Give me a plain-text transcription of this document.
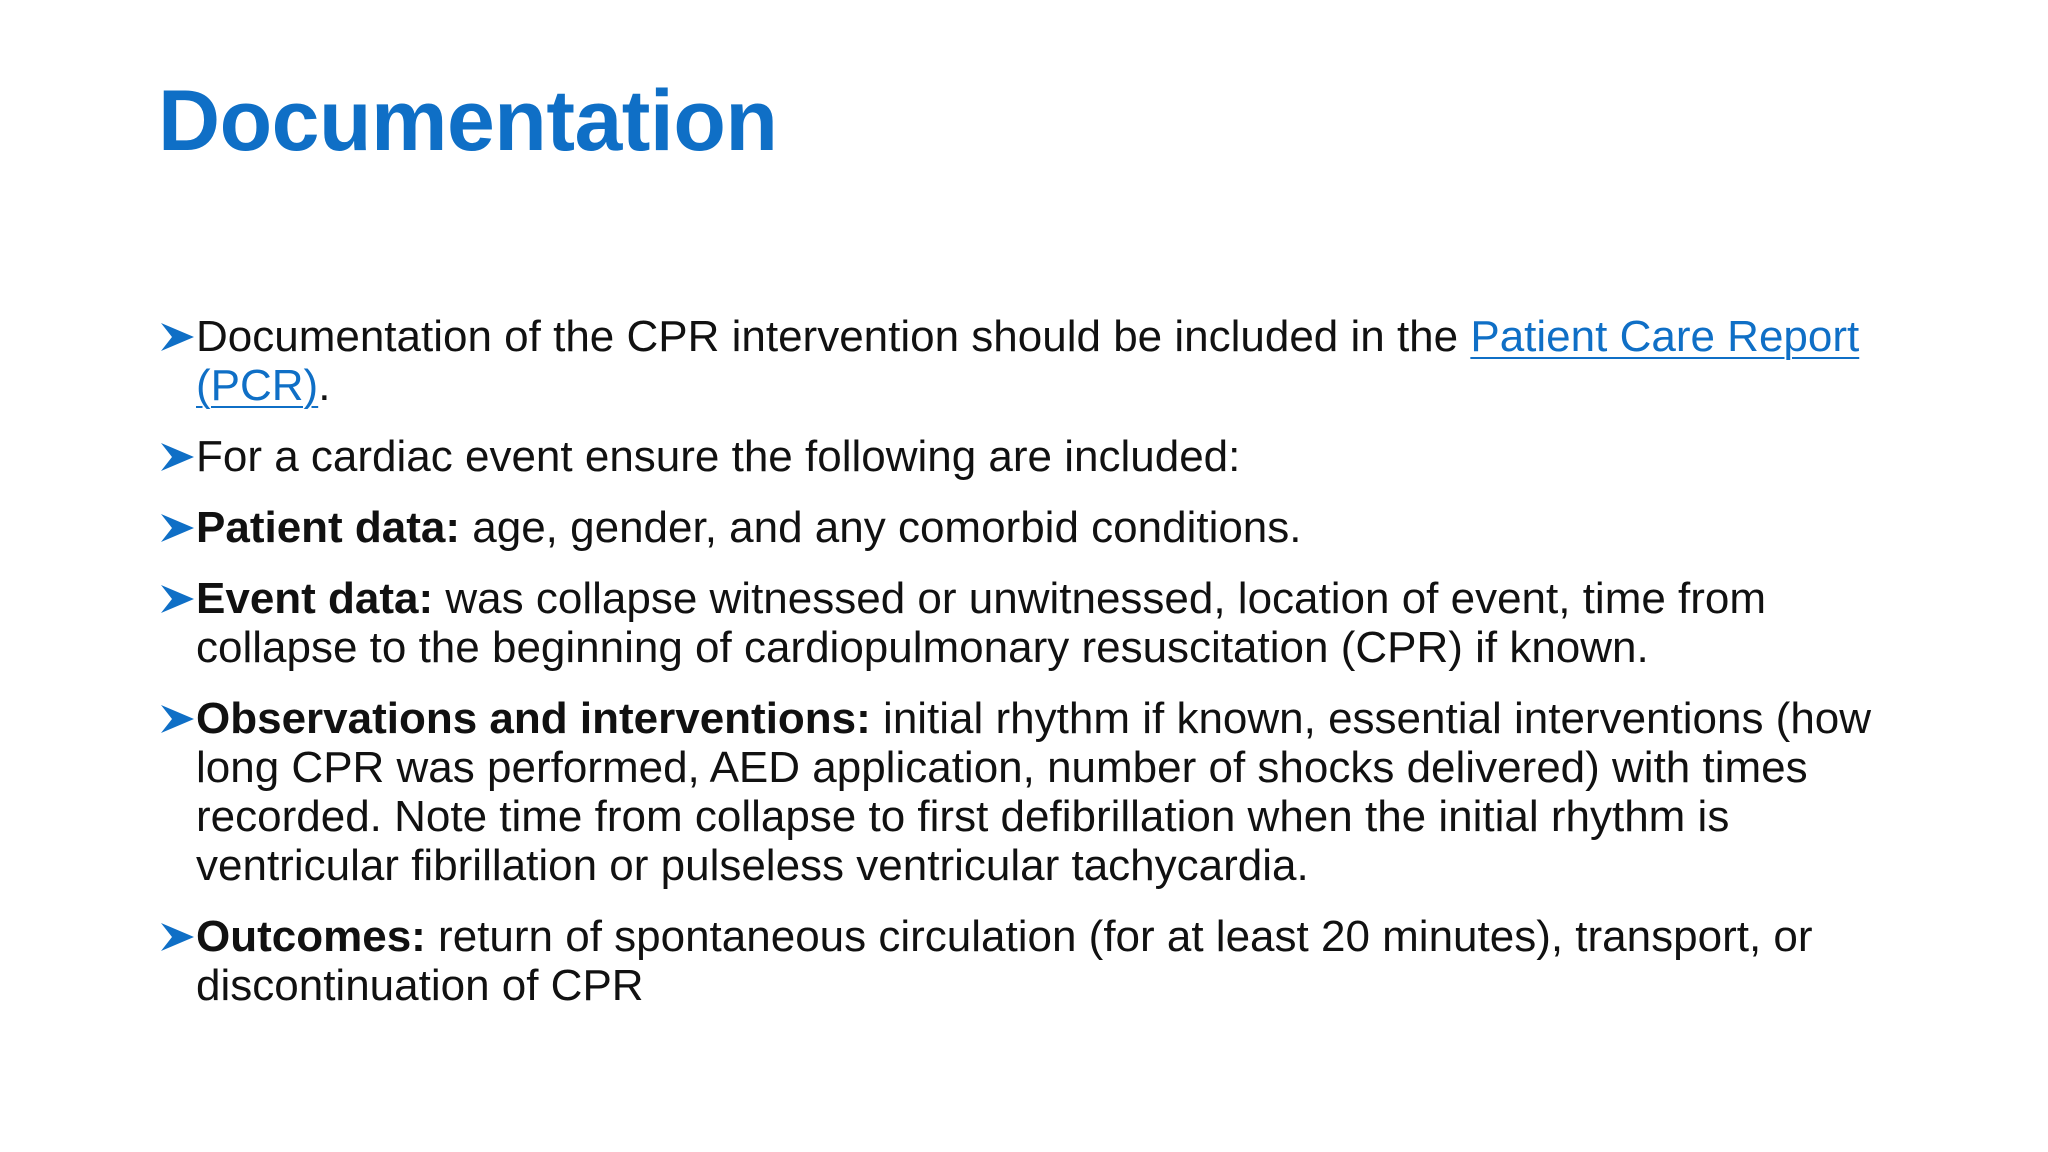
Documentation
Documentation of the CPR intervention should be included in the Patient Care Report (PCR).
For a cardiac event ensure the following are included:
Patient data: age, gender, and any comorbid conditions.
Event data: was collapse witnessed or unwitnessed, location of event, time from collapse to the beginning of cardiopulmonary resuscitation (CPR) if known.
Observations and interventions: initial rhythm if known, essential interventions (how long CPR was performed, AED application, number of shocks delivered) with times recorded. Note time from collapse to first defibrillation when the initial rhythm is ventricular fibrillation or pulseless ventricular tachycardia.
Outcomes: return of spontaneous circulation (for at least 20 minutes), transport, or discontinuation of CPR
